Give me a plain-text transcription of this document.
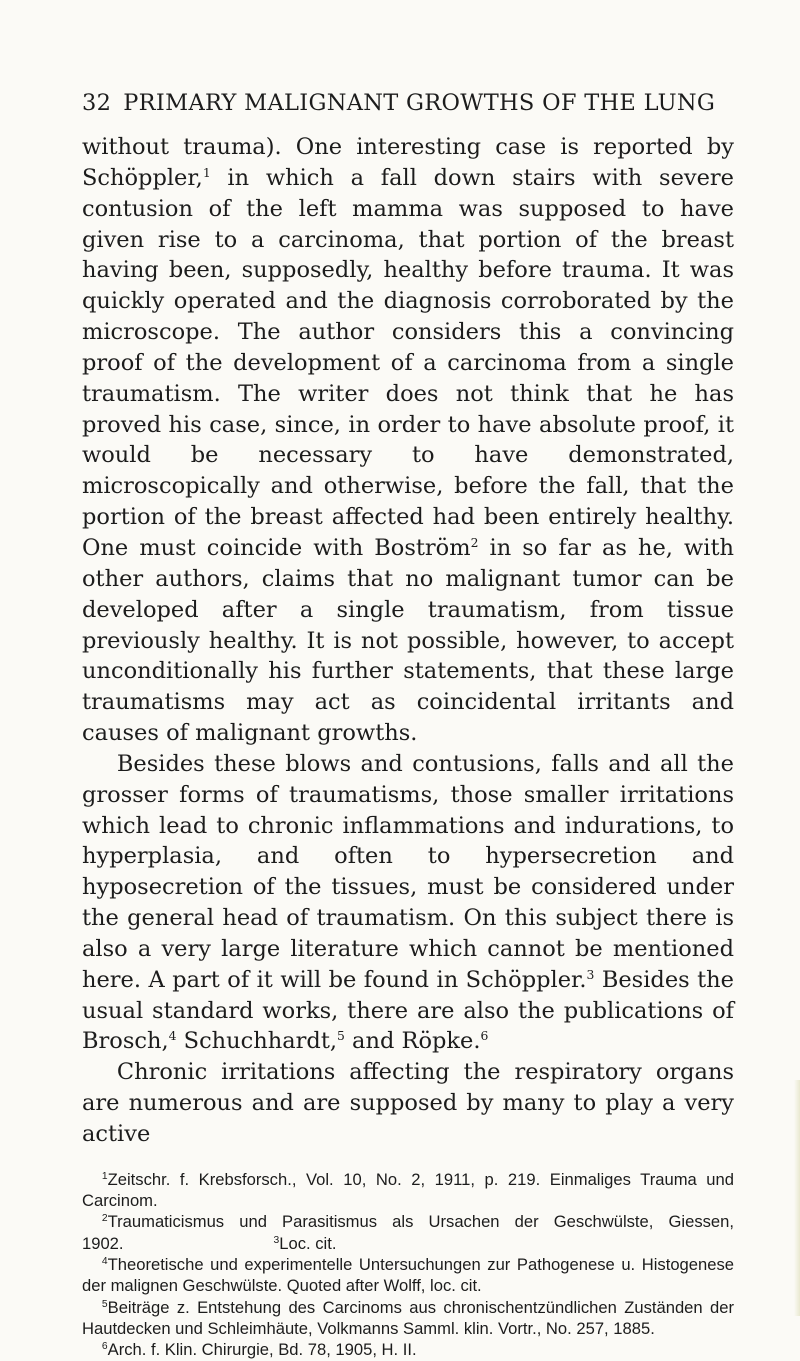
32 PRIMARY MALIGNANT GROWTHS OF THE LUNG

without trauma). One interesting case is reported by Schöppler,$^1$ in which a fall down stairs with severe contusion of the left mamma was supposed to have given rise to a carcinoma, that portion of the breast having been, supposedly, healthy before trauma. It was quickly operated and the diagnosis corroborated by the microscope. The author considers this a convincing proof of the development of a carcinoma from a single traumatism. The writer does not think that he has proved his case, since, in order to have absolute proof, it would be necessary to have demonstrated, microscopically and otherwise, before the fall, that the portion of the breast affected had been entirely healthy. One must coincide with Boström$^2$ in so far as he, with other authors, claims that no malignant tumor can be developed after a single traumatism, from tissue previously healthy. It is not possible, however, to accept unconditionally his further statements, that these large traumatisms may act as coincidental irritants and causes of malignant growths.

Besides these blows and contusions, falls and all the grosser forms of traumatisms, those smaller irritations which lead to chronic inflammations and indurations, to hyperplasia, and often to hypersecretion and hyposecretion of the tissues, must be considered under the general head of traumatism. On this subject there is also a very large literature which cannot be mentioned here. A part of it will be found in Schöppler.$^3$ Besides the usual standard works, there are also the publications of Brosch,$^4$ Schuchhardt,$^5$ and Röpke.$^6$

Chronic irritations affecting the respiratory organs are numerous and are supposed by many to play a very active

$^1$Zeitschr. f. Krebsforsch., Vol. 10, No. 2, 1911, p. 219. Einmaliges Trauma und Carcinom.

$^2$Traumaticismus und Parasitismus als Ursachen der Geschwülste, Giessen, 1902.	$^3$Loc. cit.

$^4$Theoretische und experimentelle Untersuchungen zur Pathogenese u. Histogenese der malignen Geschwülste. Quoted after Wolff, loc. cit.

$^5$Beiträge z. Entstehung des Carcinoms aus chronischentzündlichen Zuständen der Hautdecken und Schleimhäute, Volkmanns Samml. klin. Vortr., No. 257, 1885.

$^6$Arch. f. Klin. Chirurgie, Bd. 78, 1905, H. II.
